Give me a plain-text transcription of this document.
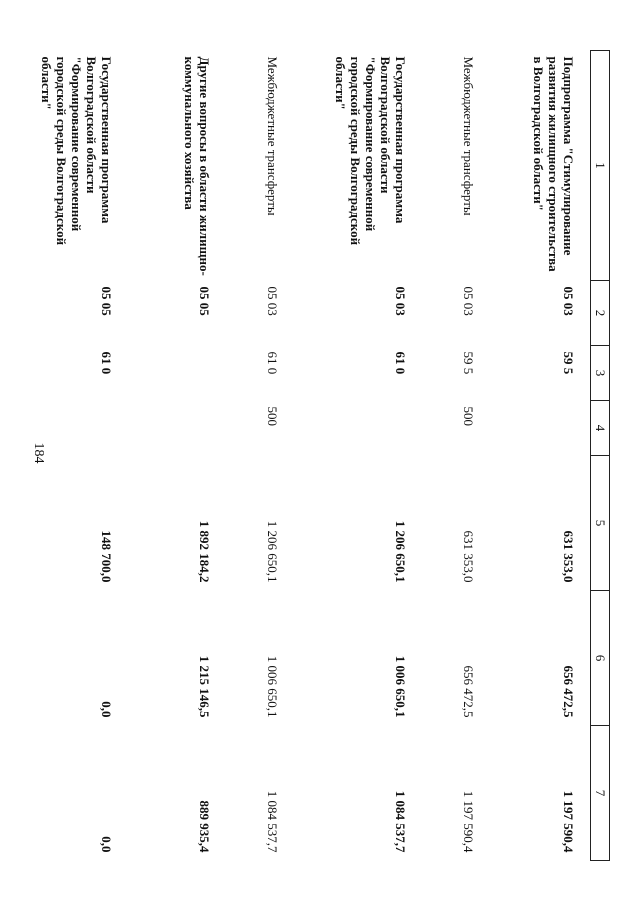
184
1	2	3	4	5	6	7
Подпрограмма "Стимулирование развития жилищного строительства в Волгоградской области"	05 03	59 5		631 353,0	656 472,5	1 197 590,4
Межбюджетные трансферты	05 03	59 5	500	631 353,0	656 472,5	1 197 590,4
Государственная программа Волгоградской области "Формирование современной городской среды Волгоградской области"	05 03	61 0		1 206 650,1	1 006 650,1	1 084 537,7
Межбюджетные трансферты	05 03	61 0	500	1 206 650,1	1 006 650,1	1 084 537,7
Другие вопросы в области жилищно-коммунального хозяйства	05 05			1 892 184,2	1 215 146,5	889 935,4
Государственная программа Волгоградской области "Формирование современной городской среды Волгоградской области"	05 05	61 0		148 700,0	0,0	0,0
